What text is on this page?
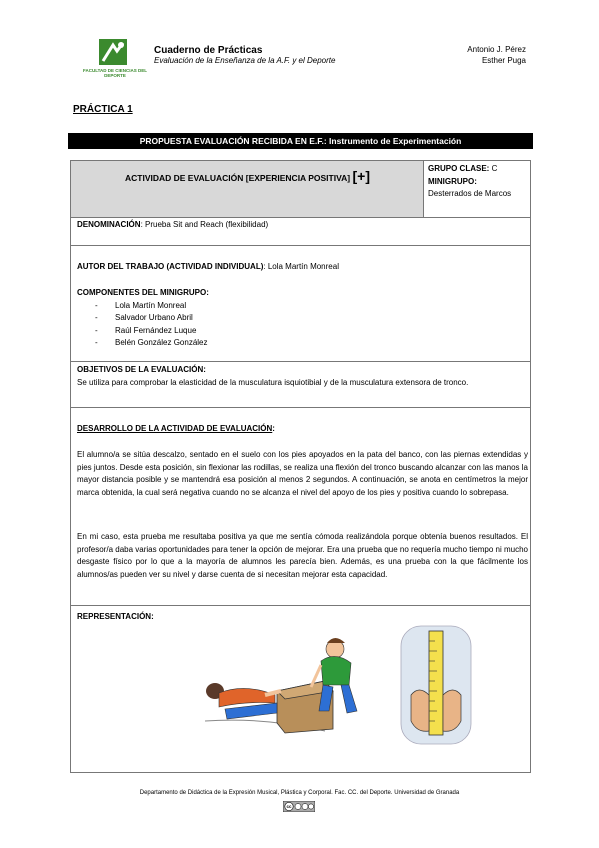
FACULTAD DE CIENCIAS DEL DEPORTE
Cuaderno de Prácticas
Evaluación de la Enseñanza de la A.F. y el Deporte
Antonio J. Pérez
Esther Puga
PRÁCTICA 1
PROPUESTA EVALUACIÓN RECIBIDA EN E.F.: Instrumento de Experimentación
ACTIVIDAD DE EVALUACIÓN [EXPERIENCIA POSITIVA] [+]	GRUPO CLASE: C
MINIGRUPO:
Desterrados de Marcos
DENOMINACIÓN: Prueba Sit and Reach (flexibilidad)
AUTOR DEL TRABAJO (ACTIVIDAD INDIVIDUAL): Lola Martín Monreal
COMPONENTES DEL MINIGRUPO:
- Lola Martín Monreal
- Salvador Urbano Abril
- Raúl Fernández Luque
- Belén González González
OBJETIVOS DE LA EVALUACIÓN:
Se utiliza para comprobar la elasticidad de la musculatura isquiotibial y de la musculatura extensora de tronco.
DESARROLLO DE LA ACTIVIDAD DE EVALUACIÓN:
El alumno/a se sitúa descalzo, sentado en el suelo con los pies apoyados en la pata del banco, con las piernas extendidas y pies juntos. Desde esta posición, sin flexionar las rodillas, se realiza una flexión del tronco buscando alcanzar con las manos la mayor distancia posible y se mantendrá esa posición al menos 2 segundos. A continuación, se anota en centímetros la mejor marca obtenida, la cual será negativa cuando no se alcanza el nivel del apoyo de los pies y positiva cuando lo sobrepasa.
En mi caso, esta prueba me resultaba positiva ya que me sentía cómoda realizándola porque obtenía buenos resultados. El profesor/a daba varias oportunidades para tener la opción de mejorar. Era una prueba que no requería mucho tiempo ni mucho desgaste físico por lo que a la mayoría de alumnos les parecía bien. Además, es una prueba con la que fácilmente los alumnos/as pueden ver su nivel y darse cuenta de si necesitan mejorar esta capacidad.
REPRESENTACIÓN:
Departamento de Didáctica de la Expresión Musical, Plástica y Corporal. Fac. CC. del Deporte. Universidad de Granada
cc
